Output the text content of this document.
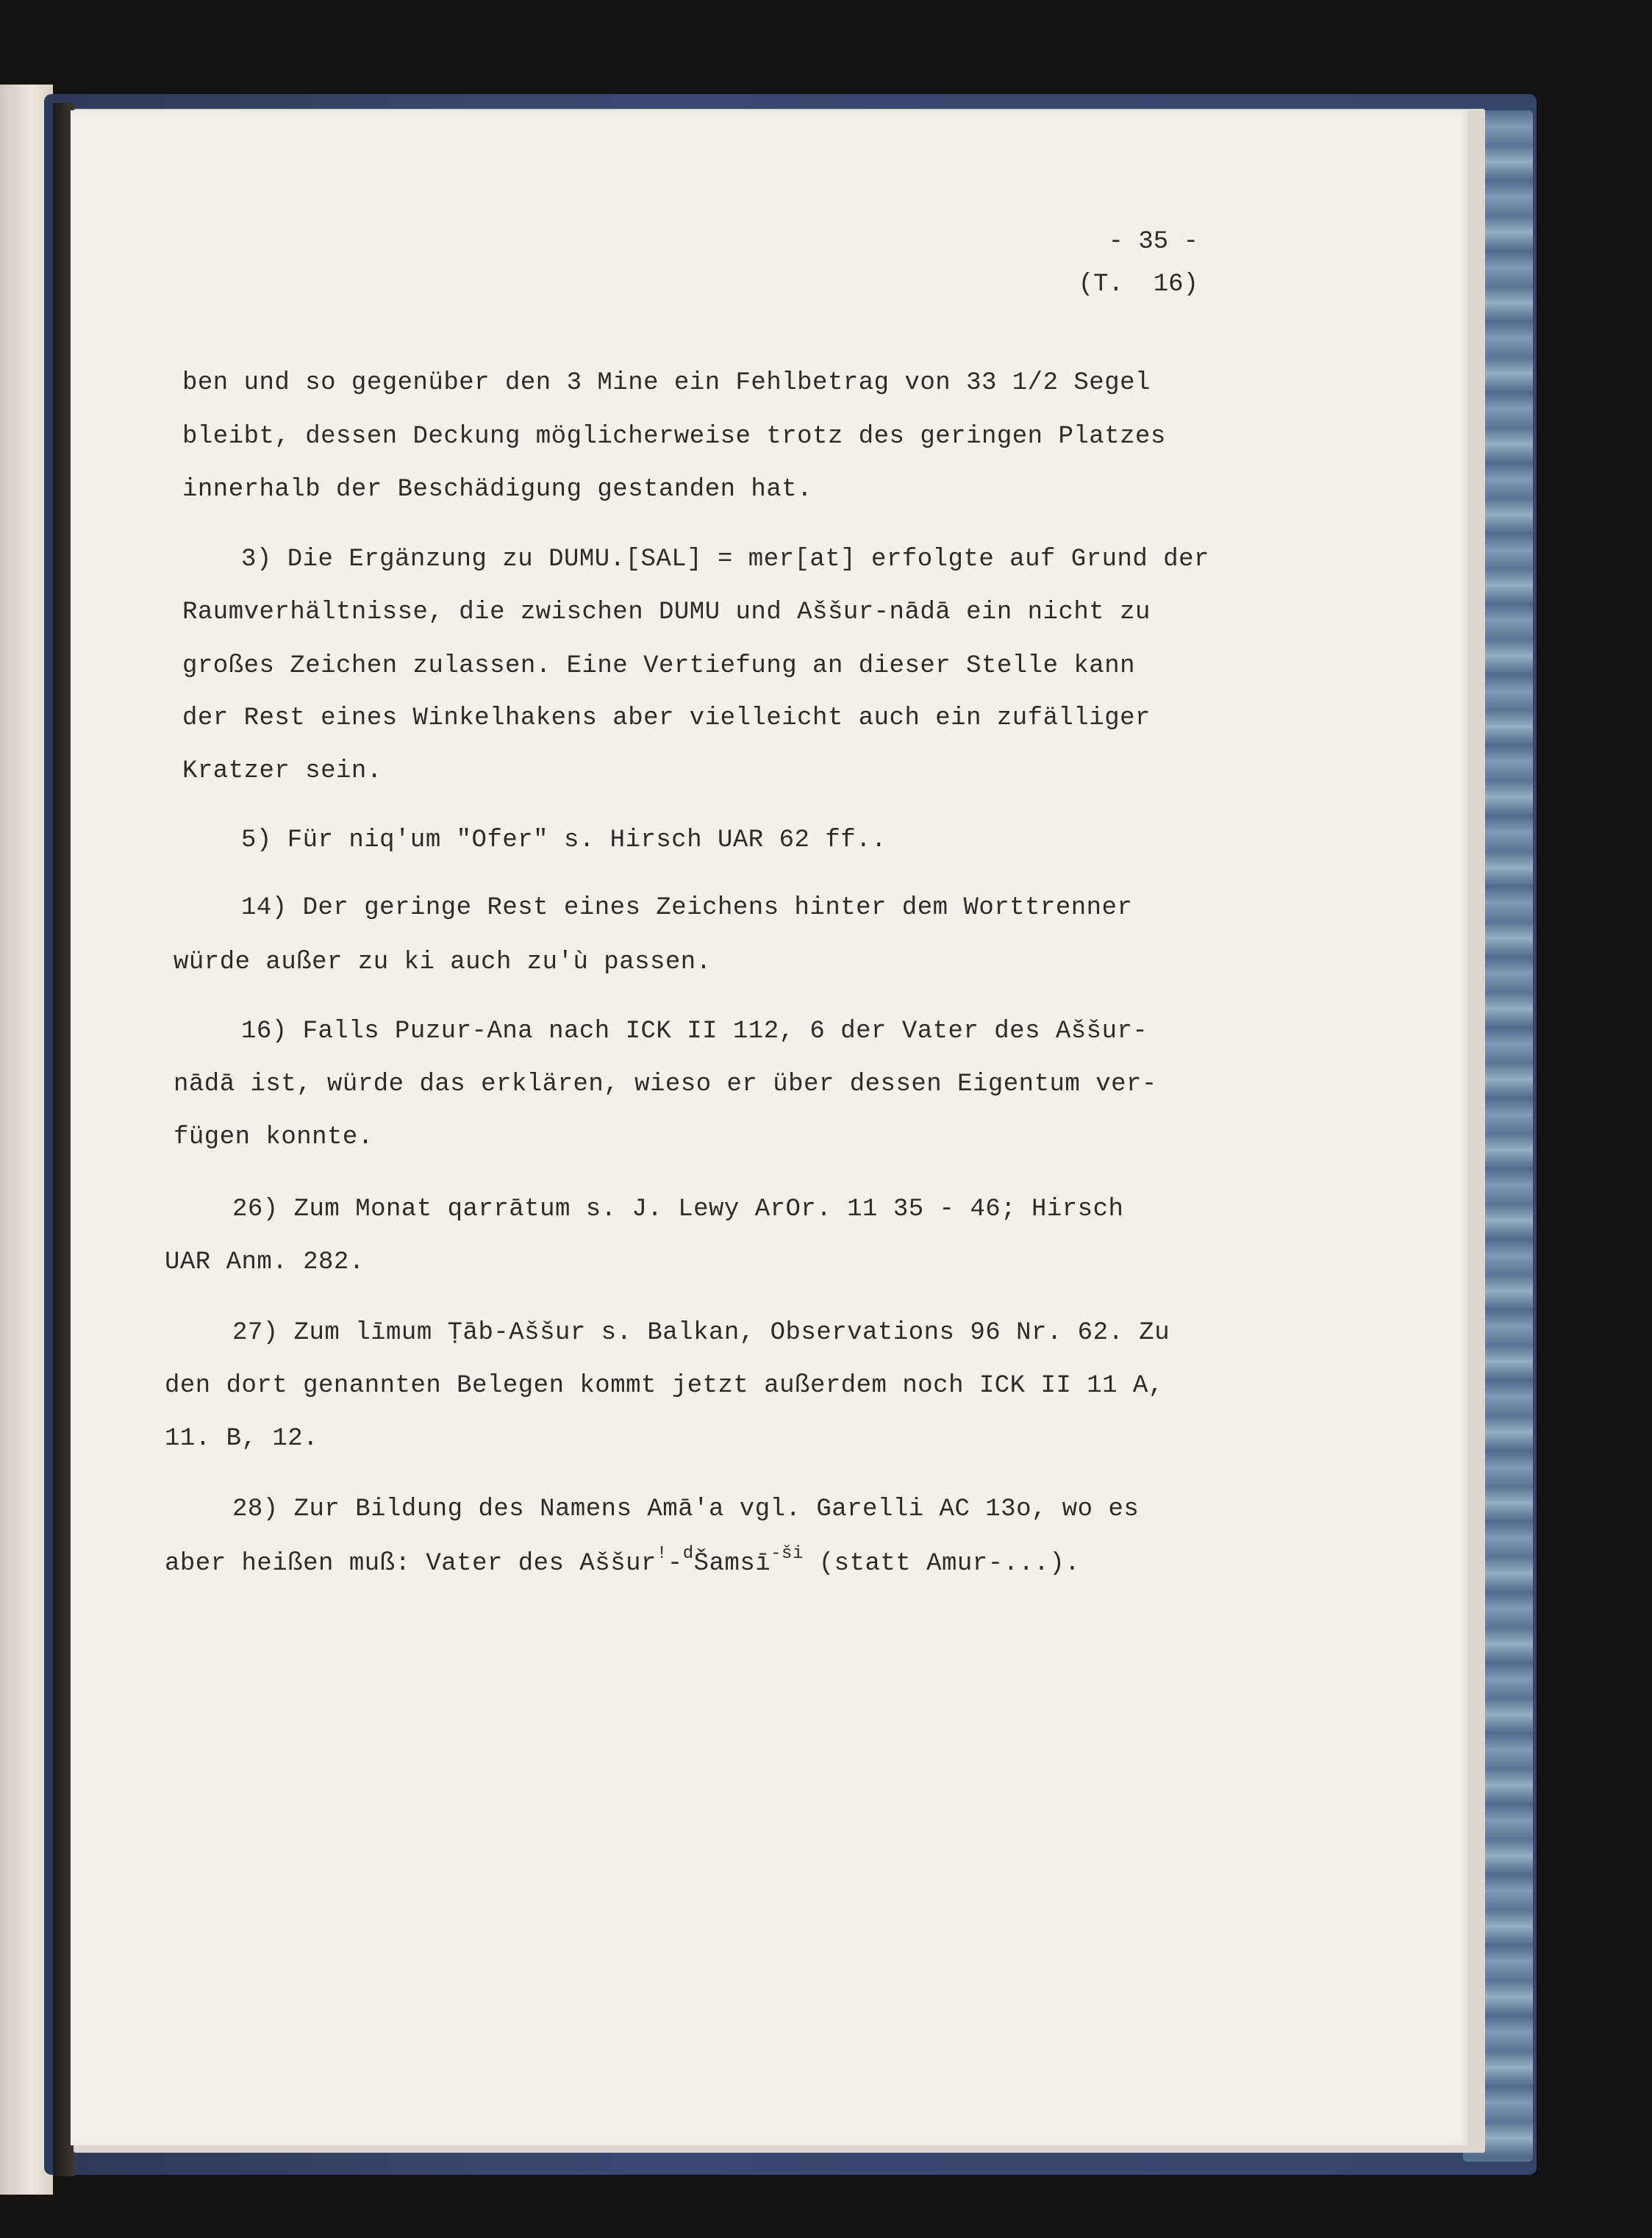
- 35 -
(T.  16)
ben und so gegenüber den 3 Mine ein Fehlbetrag von 33 1/2 Segel
bleibt, dessen Deckung möglicherweise trotz des geringen Platzes
innerhalb der Beschädigung gestanden hat.
3) Die Ergänzung zu DUMU.[SAL] = mer[at] erfolgte auf Grund der
Raumverhältnisse, die zwischen DUMU und Aššur-nādā ein nicht zu
großes Zeichen zulassen. Eine Vertiefung an dieser Stelle kann
der Rest eines Winkelhakens aber vielleicht auch ein zufälliger
Kratzer sein.
5) Für niq'um "Ofer" s. Hirsch UAR 62 ff..
14) Der geringe Rest eines Zeichens hinter dem Worttrenner
würde außer zu ki auch zu'ù passen.
16) Falls Puzur-Ana nach ICK II 112, 6 der Vater des Aššur-
nādā ist, würde das erklären, wieso er über dessen Eigentum ver-
fügen konnte.
26) Zum Monat qarrātum s. J. Lewy ArOr. 11 35 - 46; Hirsch
UAR Anm. 282.
27) Zum līmum Ṭāb-Aššur s. Balkan, Observations 96 Nr. 62. Zu
den dort genannten Belegen kommt jetzt außerdem noch ICK II 11 A,
11. B, 12.
28) Zur Bildung des Namens Amā'a vgl. Garelli AC 13o, wo es
aber heißen muß: Vater des Aššur!-$^d$Šamsī$^{-ši}$ (statt Amur-...).
